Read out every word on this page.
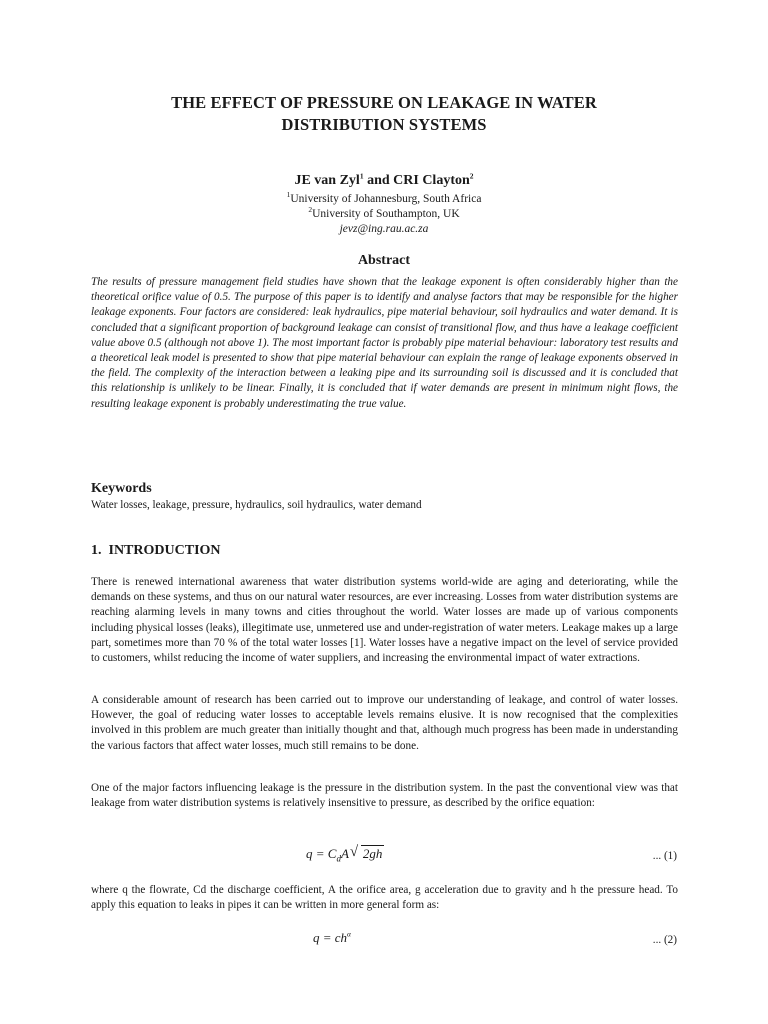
THE EFFECT OF PRESSURE ON LEAKAGE IN WATER
DISTRIBUTION SYSTEMS
JE van Zyl$^1$ and CRI Clayton$^2$
$^1$University of Johannesburg, South Africa
$^2$University of Southampton, UK
jevz@ing.rau.ac.za
Abstract
The results of pressure management field studies have shown that the leakage exponent is often considerably higher than the theoretical orifice value of 0.5. The purpose of this paper is to identify and analyse factors that may be responsible for the higher leakage exponents. Four factors are considered: leak hydraulics, pipe material behaviour, soil hydraulics and water demand. It is concluded that a significant proportion of background leakage can consist of transitional flow, and thus have a leakage coefficient value above 0.5 (although not above 1). The most important factor is probably pipe material behaviour: laboratory test results and a theoretical leak model is presented to show that pipe material behaviour can explain the range of leakage exponents observed in the field. The complexity of the interaction between a leaking pipe and its surrounding soil is discussed and it is concluded that this relationship is unlikely to be linear. Finally, it is concluded that if water demands are present in minimum night flows, the resulting leakage exponent is probably underestimating the true value.
Keywords
Water losses, leakage, pressure, hydraulics, soil hydraulics, water demand
1.  INTRODUCTION
There is renewed international awareness that water distribution systems world-wide are aging and deteriorating, while the demands on these systems, and thus on our natural water resources, are ever increasing. Losses from water distribution systems are reaching alarming levels in many towns and cities throughout the world. Water losses are made up of various components including physical losses (leaks), illegitimate use, unmetered use and under-registration of water meters. Leakage makes up a large part, sometimes more than 70 % of the total water losses [1]. Water losses have a negative impact on the level of service provided to customers, whilst reducing the income of water suppliers, and increasing the environmental impact of water extractions.
A considerable amount of research has been carried out to improve our understanding of leakage, and control of water losses. However, the goal of reducing water losses to acceptable levels remains elusive. It is now recognised that the complexities involved in this problem are much greater than initially thought and that, although much progress has been made in understanding the various factors that affect water losses, much still remains to be done.
One of the major factors influencing leakage is the pressure in the distribution system. In the past the conventional view was that leakage from water distribution systems is relatively insensitive to pressure, as described by the orifice equation:
$q = C_dA√$ 2gh	... (1)
where q the flowrate, Cd the discharge coefficient, A the orifice area, g acceleration due to gravity and h the pressure head. To apply this equation to leaks in pipes it can be written in more general form as:
$q = ch^\alpha$	... (2)
